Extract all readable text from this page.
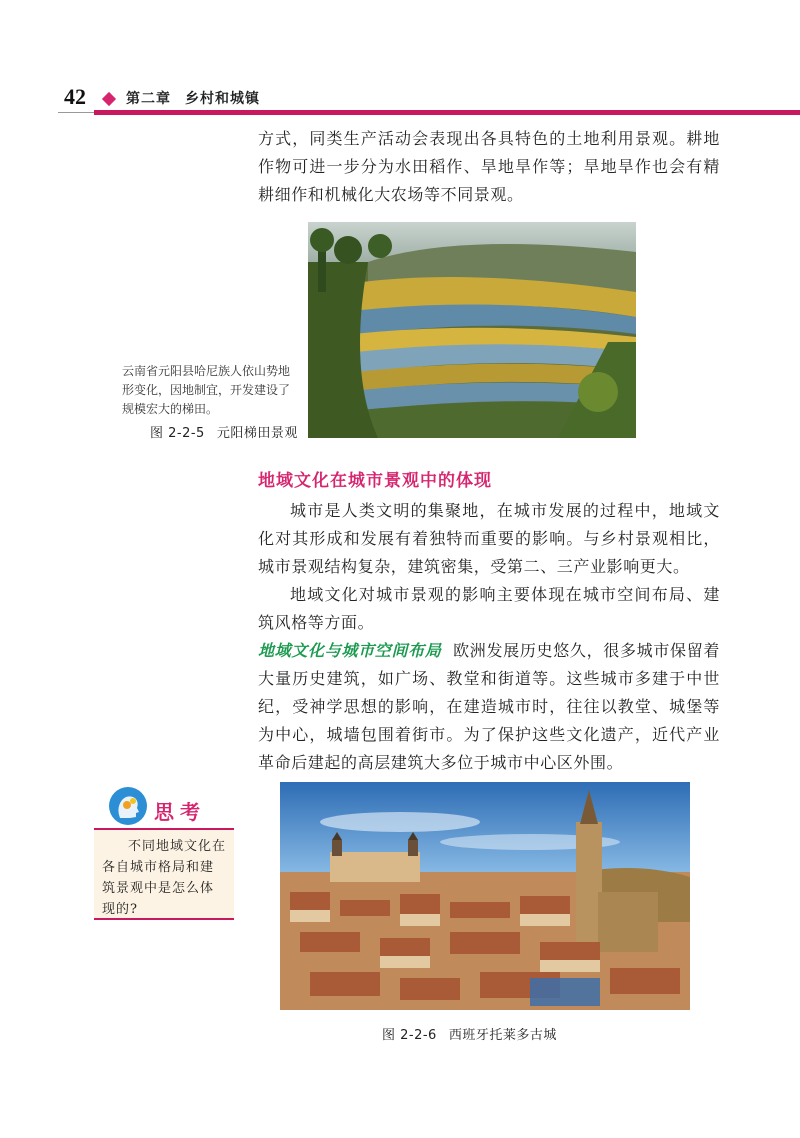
42	第二章 乡村和城镇

方式，同类生产活动会表现出各具特色的土地利用景观。耕地作物可进一步分为水田稻作、旱地旱作等；旱地旱作也会有精耕细作和机械化大农场等不同景观。

云南省元阳县哈尼族人依山势地形变化，因地制宜，开发建设了规模宏大的梯田。

图 2-2-5 元阳梯田景观
地域文化在城市景观中的体现

城市是人类文明的集聚地，在城市发展的过程中，地域文化对其形成和发展有着独特而重要的影响。与乡村景观相比，城市景观结构复杂，建筑密集，受第二、三产业影响更大。

地域文化对城市景观的影响主要体现在城市空间布局、建筑风格等方面。

地域文化与城市空间布局 欧洲发展历史悠久，很多城市保留着大量历史建筑，如广场、教堂和街道等。这些城市多建于中世纪，受神学思想的影响，在建造城市时，往往以教堂、城堡等为中心，城墙包围着街市。为了保护这些文化遗产，近代产业革命后建起的高层建筑大多位于城市中心区外围。

思考

不同地域文化在各自城市格局和建筑景观中是怎么体现的?

图 2-2-6 西班牙托莱多古城
